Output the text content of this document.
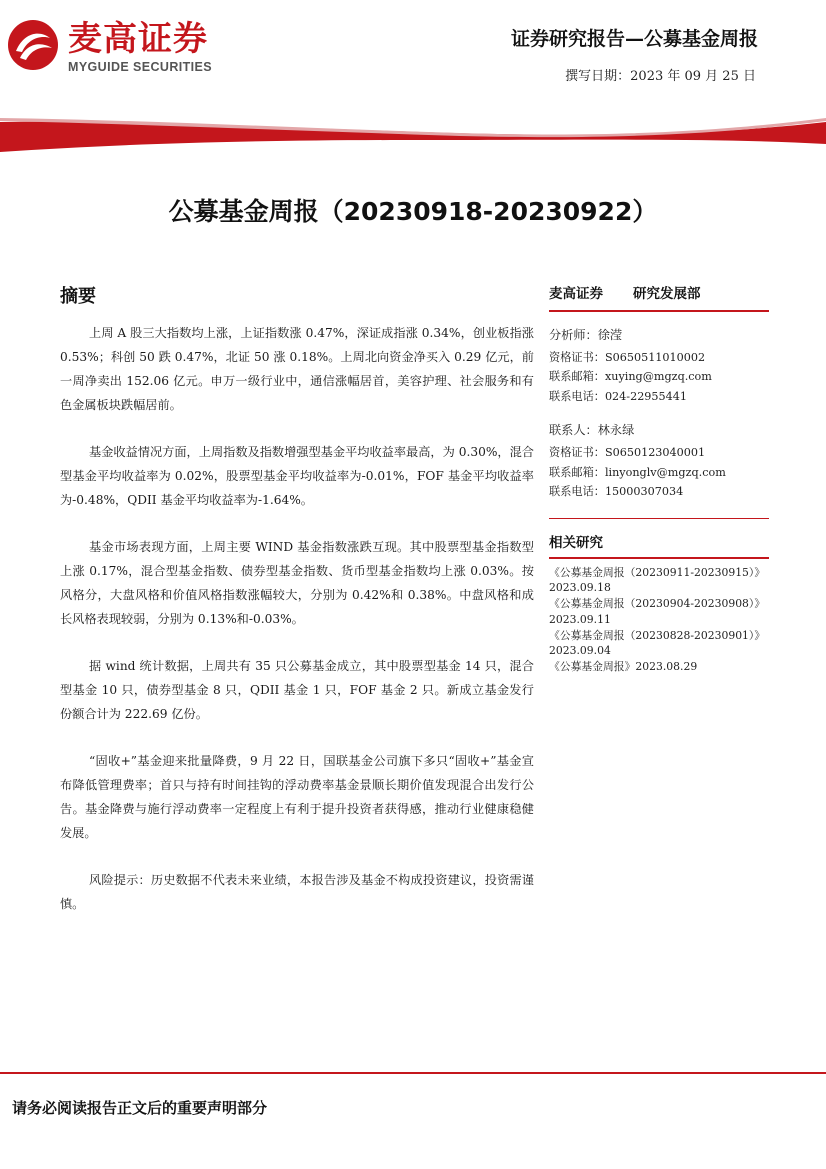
麦高证券
MYGUIDE SECURITIES
证券研究报告—公募基金周报
撰写日期：2023 年 09 月 25 日
公募基金周报（20230918-20230922）
摘要

上周 A 股三大指数均上涨，上证指数涨 0.47%，深证成指涨 0.34%，创业板指涨 0.53%；科创 50 跌 0.47%，北证 50 涨 0.18%。上周北向资金净买入 0.29 亿元，前一周净卖出 152.06 亿元。申万一级行业中，通信涨幅居首，美容护理、社会服务和有色金属板块跌幅居前。

基金收益情况方面，上周指数及指数增强型基金平均收益率最高，为 0.30%，混合型基金平均收益率为 0.02%，股票型基金平均收益率为-0.01%，FOF 基金平均收益率为-0.48%，QDII 基金平均收益率为-1.64%。

基金市场表现方面，上周主要 WIND 基金指数涨跌互现。其中股票型基金指数型上涨 0.17%，混合型基金指数、债券型基金指数、货币型基金指数均上涨 0.03%。按风格分，大盘风格和价值风格指数涨幅较大，分别为 0.42%和 0.38%。中盘风格和成长风格表现较弱，分别为 0.13%和-0.03%。

据 wind 统计数据，上周共有 35 只公募基金成立，其中股票型基金 14 只，混合型基金 10 只，债券型基金 8 只，QDII 基金 1 只，FOF 基金 2 只。新成立基金发行份额合计为 222.69 亿份。

“固收+”基金迎来批量降费，9 月 22 日，国联基金公司旗下多只“固收+”基金宣布降低管理费率；首只与持有时间挂钩的浮动费率基金景顺长期价值发现混合出发行公告。基金降费与施行浮动费率一定程度上有利于提升投资者获得感，推动行业健康稳健发展。

风险提示：历史数据不代表未来业绩，本报告涉及基金不构成投资建议，投资需谨慎。

麦高证券 研究发展部
分析师：徐滢
资格证书：S0650511010002
联系邮箱：xuying@mgzq.com
联系电话：024-22955441
联系人：林永绿
资格证书：S0650123040001
联系邮箱：linyonglv@mgzq.com
联系电话：15000307034
相关研究
《公募基金周报（20230911-20230915）》
2023.09.18
《公募基金周报（20230904-20230908）》
2023.09.11
《公募基金周报（20230828-20230901）》
2023.09.04
《公募基金周报》2023.08.29
请务必阅读报告正文后的重要声明部分
